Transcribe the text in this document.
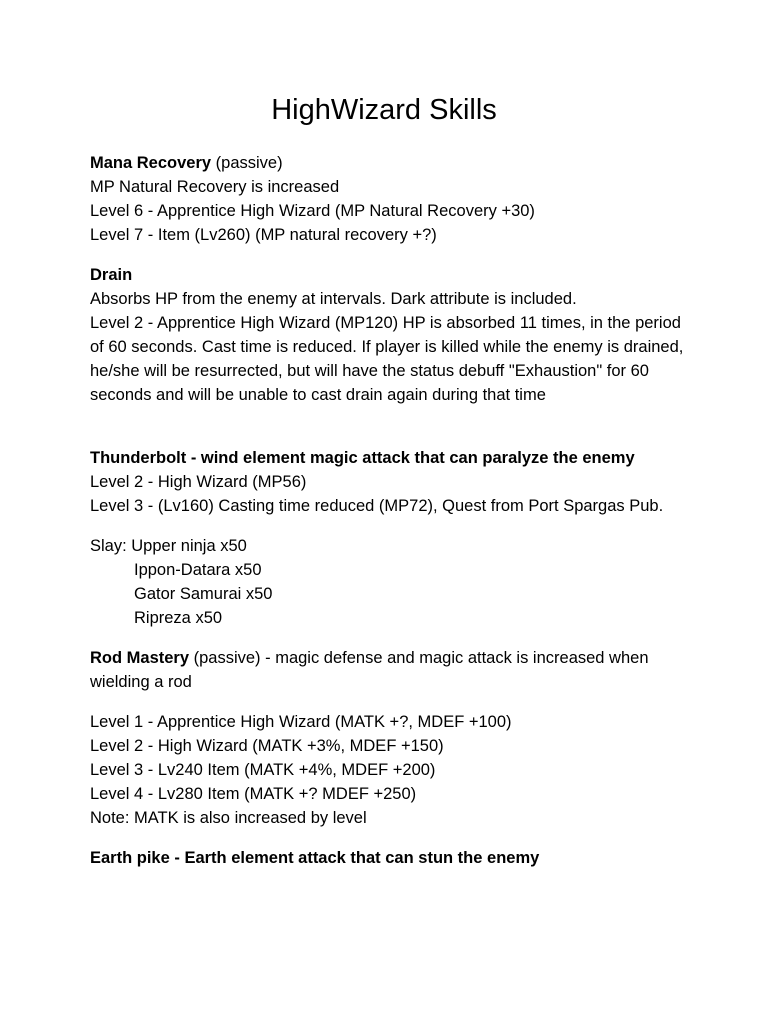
HighWizard Skills
Mana Recovery (passive)
MP Natural Recovery is increased
Level 6 - Apprentice High Wizard (MP Natural Recovery +30)
Level 7 - Item (Lv260) (MP natural recovery +?)
Drain
Absorbs HP from the enemy at intervals. Dark attribute is included.
Level 2 - Apprentice High Wizard (MP120) HP is absorbed 11 times, in the period of 60 seconds. Cast time is reduced. If player is killed while the enemy is drained, he/she will be resurrected, but will have the status debuff "Exhaustion" for 60 seconds and will be unable to cast drain again during that time
Thunderbolt - wind element magic attack that can paralyze the enemy
Level 2 - High Wizard (MP56)
Level 3 - (Lv160) Casting time reduced (MP72), Quest from Port Spargas Pub.
Slay: Upper ninja x50
Ippon-Datara x50
Gator Samurai x50
Ripreza x50
Rod Mastery (passive) - magic defense and magic attack is increased when wielding a rod
Level 1 - Apprentice High Wizard (MATK +?, MDEF +100)
Level 2 - High Wizard (MATK +3%, MDEF +150)
Level 3 - Lv240 Item (MATK +4%, MDEF +200)
Level 4 - Lv280 Item (MATK +? MDEF +250)
Note: MATK is also increased by level
Earth pike - Earth element attack that can stun the enemy
